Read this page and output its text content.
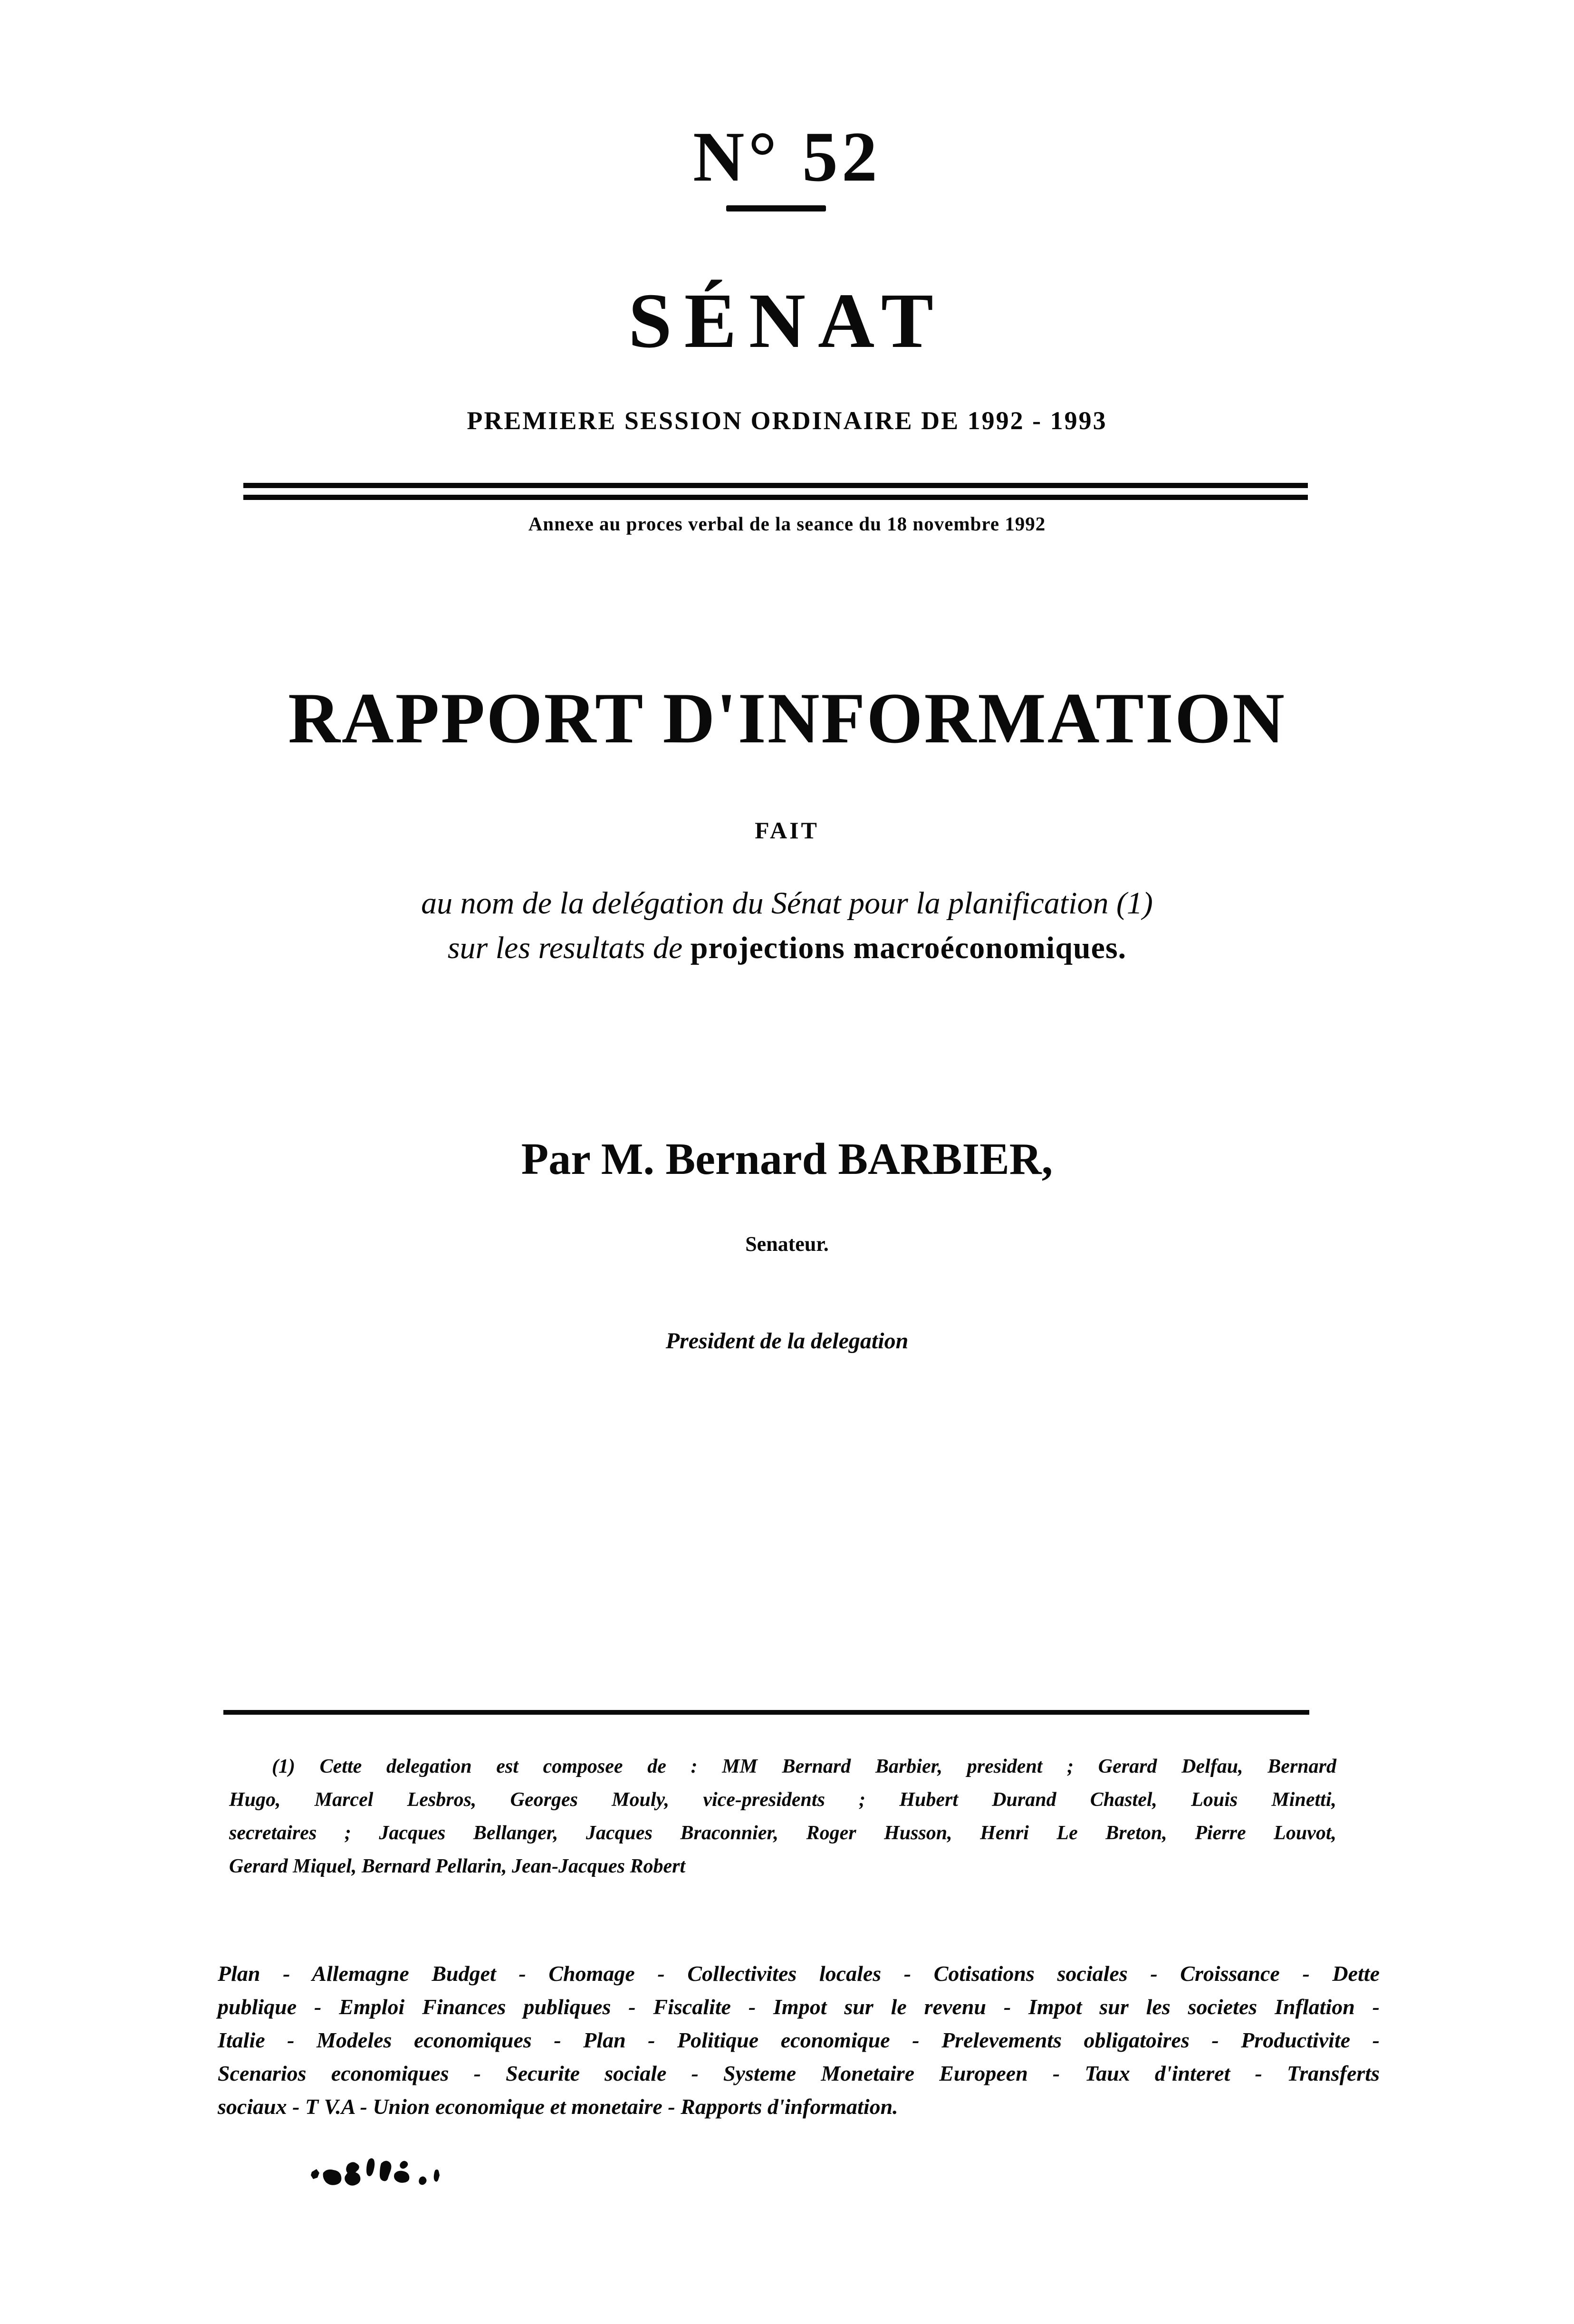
N° 52
SÉNAT
PREMIERE SESSION ORDINAIRE DE 1992 - 1993
Annexe au proces verbal de la seance du 18 novembre 1992
RAPPORT D'INFORMATION
FAIT
au nom de la delégation du Sénat pour la planification (1)
sur les resultats de projections macroéconomiques.
Par M. Bernard BARBIER,
Senateur.
President de la delegation
(1) Cette delegation est composee de : MM Bernard Barbier, president ; Gerard Delfau, Bernard
Hugo, Marcel Lesbros, Georges Mouly, vice-presidents ; Hubert Durand Chastel, Louis Minetti,
secretaires ; Jacques Bellanger, Jacques Braconnier, Roger Husson, Henri Le Breton, Pierre Louvot,
Gerard Miquel, Bernard Pellarin, Jean-Jacques Robert
Plan - Allemagne Budget - Chomage - Collectivites locales - Cotisations sociales - Croissance - Dette
publique - Emploi Finances publiques - Fiscalite - Impot sur le revenu - Impot sur les societes Inflation -
Italie - Modeles economiques - Plan - Politique economique - Prelevements obligatoires - Productivite -
Scenarios economiques - Securite sociale - Systeme Monetaire Europeen - Taux d'interet - Transferts
sociaux - T V.A - Union economique et monetaire - Rapports d'information.
